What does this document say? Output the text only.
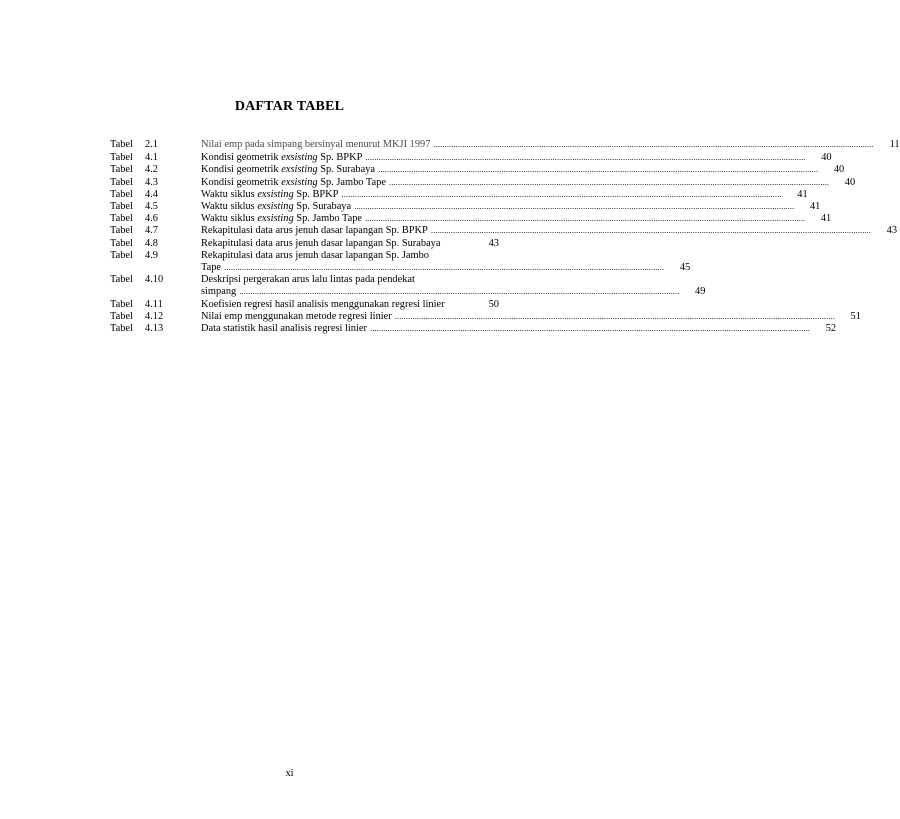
DAFTAR TABEL
Tabel 2.1	Nilai emp pada simpang bersinyal menurut MKJI 1997 ........................................................................................................................................................................................................	11
Tabel 4.1	Kondisi geometrik exsisting Sp. BPKP ........................................................................................................................................................................................................	40
Tabel 4.2	Kondisi geometrik exsisting Sp. Surabaya ........................................................................................................................................................................................................	40
Tabel 4.3	Kondisi geometrik exsisting Sp. Jambo Tape ........................................................................................................................................................................................................	40
Tabel 4.4	Waktu siklus exsisting Sp. BPKP ........................................................................................................................................................................................................	41
Tabel 4.5	Waktu siklus exsisting Sp. Surabaya ........................................................................................................................................................................................................	41
Tabel 4.6	Waktu siklus exsisting Sp. Jambo Tape ........................................................................................................................................................................................................	41
Tabel 4.7	Rekapitulasi data arus jenuh dasar lapangan Sp. BPKP ........................................................................................................................................................................................................	43
Tabel 4.8	Rekapitulasi data arus jenuh dasar lapangan Sp. Surabaya	43
Tabel 4.9	Rekapitulasi data arus jenuh dasar lapangan Sp. Jambo
Tape ........................................................................................................................................................................................................	45
Tabel 4.10	Deskripsi pergerakan arus lalu lintas pada pendekat
simpang ........................................................................................................................................................................................................	49
Tabel 4.11	Koefisien regresi hasil analisis menggunakan regresi linier	50
Tabel 4.12	Nilai emp menggunakan metode regresi linier ........................................................................................................................................................................................................	51
Tabel 4.13	Data statistik hasil analisis regresi linier ........................................................................................................................................................................................................	52
xi
